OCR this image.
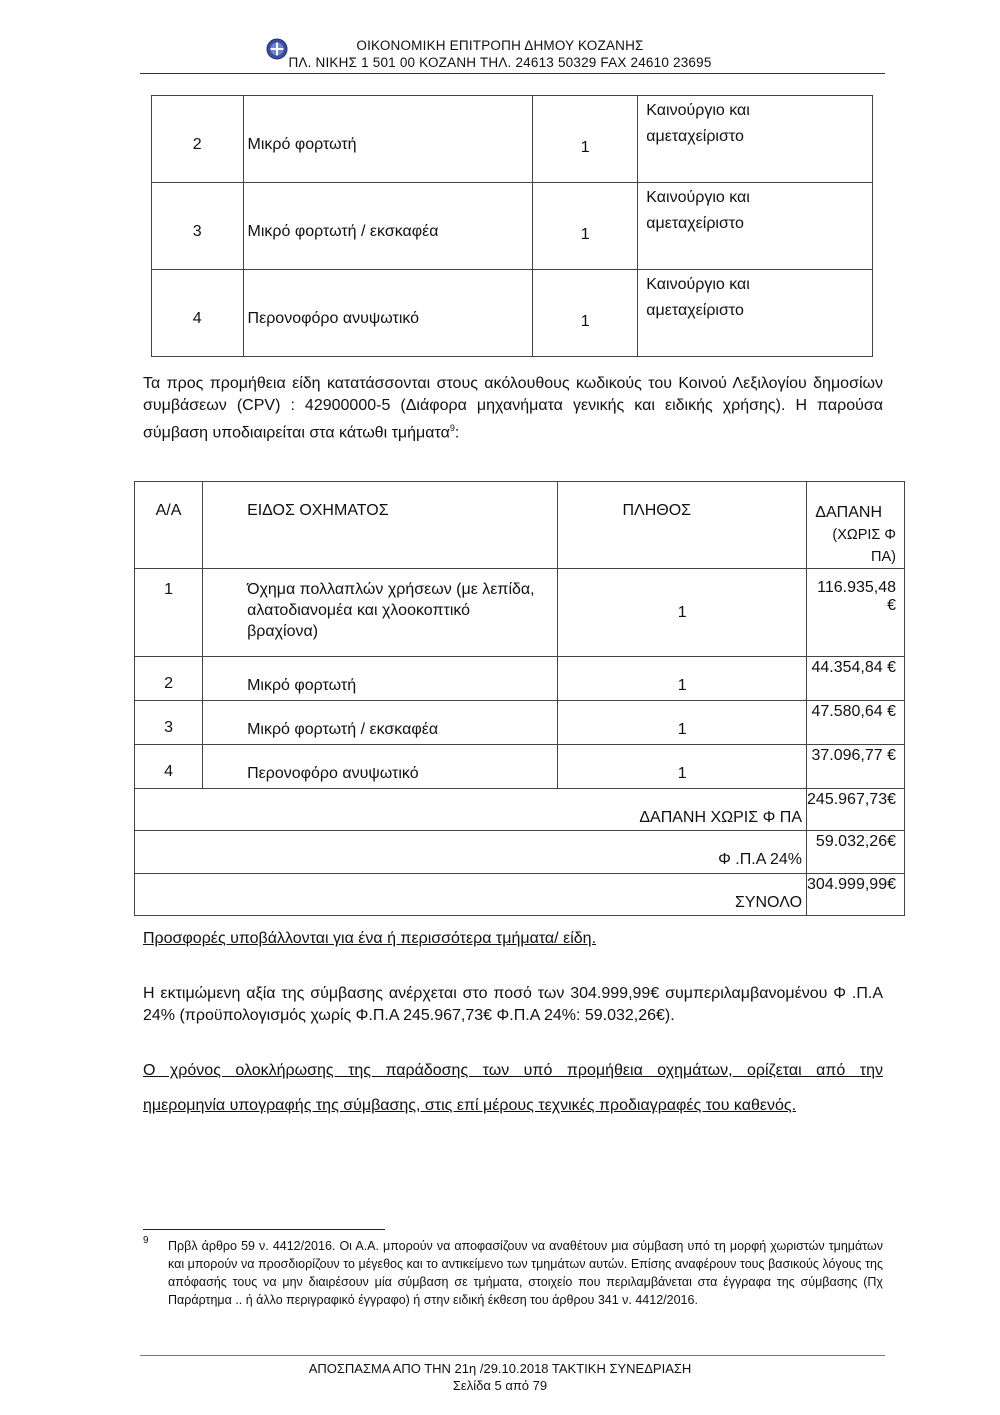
ΟΙΚΟΝΟΜΙΚΗ ΕΠΙΤΡΟΠΗ ΔΗΜΟΥ ΚΟΖΑΝΗΣ
ΠΛ. ΝΙΚΗΣ 1 501 00 ΚΟΖΑΝΗ ΤΗΛ. 24613 50329 FAX 24610 23695
2	Μικρό φορτωτή	1	Καινούργιο και
αμεταχείριστο

3	Μικρό φορτωτή / εκσκαφέα	1	Καινούργιο και
αμεταχείριστο

4	Περονοφόρο ανυψωτικό	1	Καινούργιο και
αμεταχείριστο
Τα προς προμήθεια είδη κατατάσσονται στους ακόλουθους κωδικούς του Κοινού Λεξιλογίου δημοσίων συμβάσεων (CPV) : 42900000-5 (Διάφορα μηχανήματα γενικής και ειδικής χρήσης). Η παρούσα σύμβαση υποδιαιρείται στα κάτωθι τμήματα$^9$:
Α/Α	ΕΙΔΟΣ ΟΧΗΜΑΤΟΣ	ΠΛΗΘΟΣ	ΔΑΠΑΝΗ
(ΧΩΡΙΣ Φ ΠΑ)

1	Όχημα πολλαπλών χρήσεων (με λεπίδα,
αλατοδιανομέα και χλοοκοπτικό
βραχίονα)	1	116.935,48 €
2	Μικρό φορτωτή	1	44.354,84 €
3	Μικρό φορτωτή / εκσκαφέα	1	47.580,64 €
4	Περονοφόρο ανυψωτικό	1	37.096,77 €
ΔΑΠΑΝΗ ΧΩΡΙΣ Φ ΠΑ			245.967,73€
Φ .Π.Α 24%			59.032,26€
ΣΥΝΟΛΟ			304.999,99€
Προσφορές υποβάλλονται για ένα ή περισσότερα τμήματα/ είδη.
Η εκτιμώμενη αξία της σύμβασης ανέρχεται στο ποσό των 304.999,99€ συμπεριλαμβανομένου Φ .Π.Α 24% (προϋπολογισμός χωρίς Φ.Π.Α 245.967,73€ Φ.Π.Α 24%: 59.032,26€).
Ο χρόνος ολοκλήρωσης της παράδοσης των υπό προμήθεια οχημάτων, ορίζεται από την
ημερομηνία υπογραφής της σύμβασης, στις επί μέρους τεχνικές προδιαγραφές του καθενός.
9 Πρβλ άρθρο 59 ν. 4412/2016. Οι Α.Α. μπορούν να αποφασίζουν να αναθέτουν μια σύμβαση υπό τη μορφή χωριστών τμημάτων και μπορούν να προσδιορίζουν το μέγεθος και το αντικείμενο των τμημάτων αυτών. Επίσης αναφέρουν τους βασικούς λόγους της απόφασής τους να μην διαιρέσουν μία σύμβαση σε τμήματα, στοιχείο που περιλαμβάνεται στα έγγραφα της σύμβασης (Πχ Παράρτημα .. ή άλλο περιγραφικό έγγραφο) ή στην ειδική έκθεση του άρθρου 341 ν. 4412/2016.
ΑΠΟΣΠΑΣΜΑ ΑΠΟ ΤΗΝ 21η /29.10.2018 ΤΑΚΤΙΚΗ ΣΥΝΕΔΡΙΑΣΗ
Σελίδα 5 από 79
